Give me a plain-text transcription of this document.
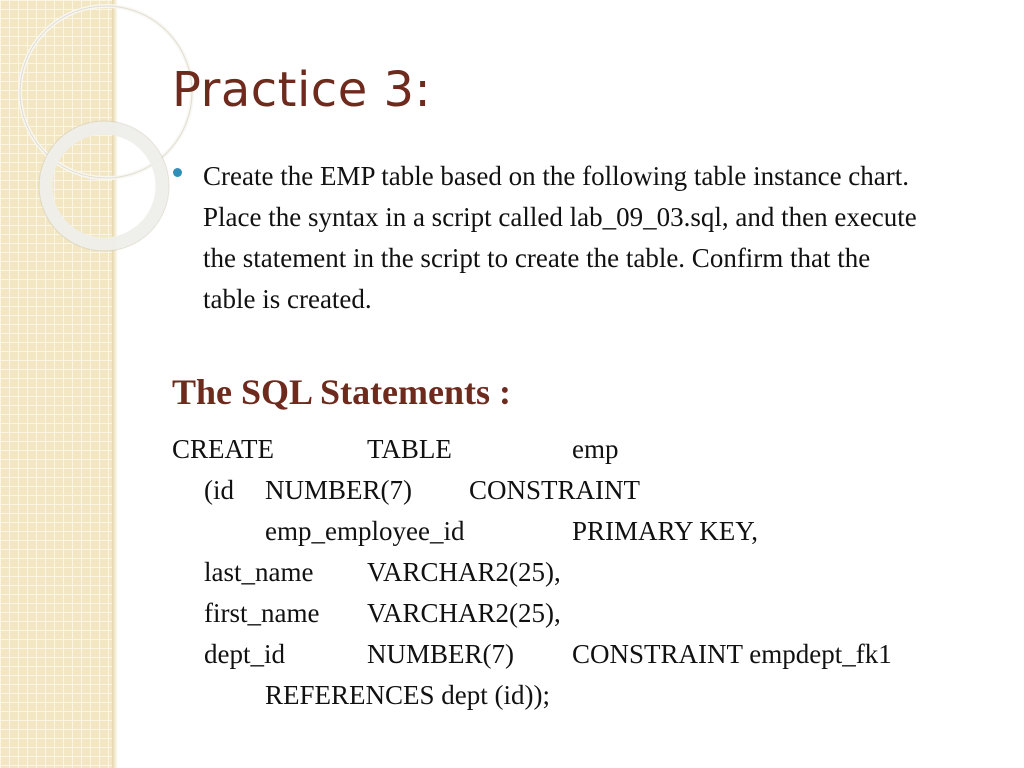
Practice 3:

Create the EMP table based on the following table instance chart. Place the syntax in a script called lab_09_03.sql, and then execute the statement in the script to create the table. Confirm that the table is created.

The SQL Statements :
CREATE	TABLE	emp
(id NUMBER(7) CONSTRAINT
emp_employee_id	PRIMARY KEY,
last_name VARCHAR2(25),
first_name VARCHAR2(25),
dept_id	NUMBER(7) CONSTRAINT empdept_fk1
REFERENCES dept (id));
